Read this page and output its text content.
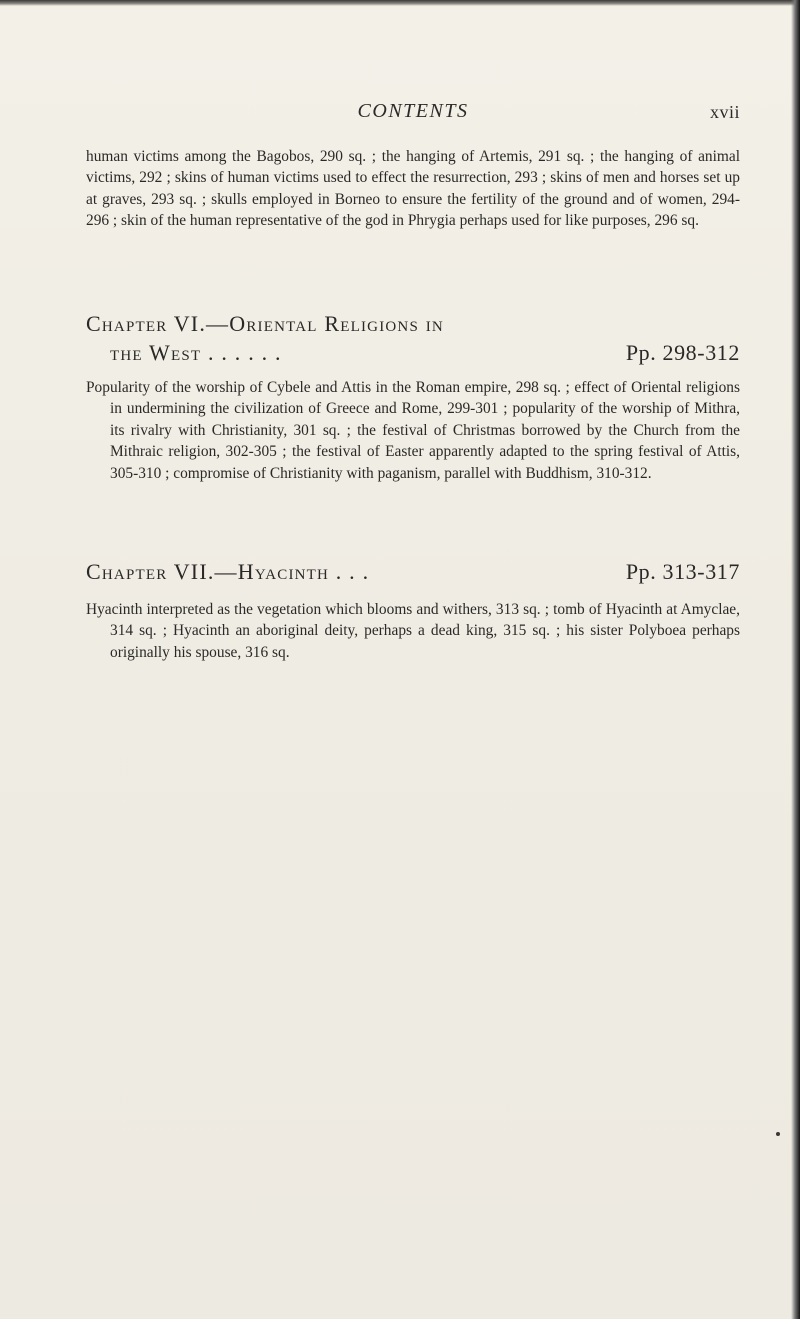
CONTENTS	xvii
human victims among the Bagobos, 290 sq. ; the hanging of Artemis, 291 sq. ; the hanging of animal victims, 292 ; skins of human victims used to effect the resurrection, 293 ; skins of men and horses set up at graves, 293 sq. ; skulls employed in Borneo to ensure the fertility of the ground and of women, 294-296 ; skin of the human representative of the god in Phrygia perhaps used for like purposes, 296 sq.
Chapter VI.—Oriental Religions in
the West . . . . . .	Pp. 298-312
Popularity of the worship of Cybele and Attis in the Roman empire, 298 sq. ; effect of Oriental religions in undermining the civilization of Greece and Rome, 299-301 ; popularity of the worship of Mithra, its rivalry with Christianity, 301 sq. ; the festival of Christmas borrowed by the Church from the Mithraic religion, 302-305 ; the festival of Easter apparently adapted to the spring festival of Attis, 305-310 ; compromise of Christianity with paganism, parallel with Buddhism, 310-312.
Chapter VII.—Hyacinth . . .	Pp. 313-317
Hyacinth interpreted as the vegetation which blooms and withers, 313 sq. ; tomb of Hyacinth at Amyclae, 314 sq. ; Hyacinth an aboriginal deity, perhaps a dead king, 315 sq. ; his sister Polyboea perhaps originally his spouse, 316 sq.
